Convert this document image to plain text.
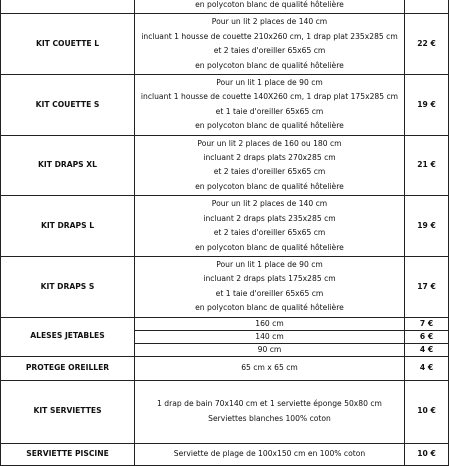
	en polycoton blanc de qualité hôtelière	

KIT COUETTE L	Pour un lit 2 places de 140 cm
incluant 1 housse de couette 210x260 cm, 1 drap plat 235x285 cm
et 2 taies d'oreiller 65x65 cm
en polycoton blanc de qualité hôtelière	22 €
KIT COUETTE S	Pour un lit 1 place de 90 cm
incluant 1 housse de couette 140X260 cm, 1 drap plat 175x285 cm
et 1 taie d'oreiller 65x65 cm
en polycoton blanc de qualité hôtelière	19 €
KIT DRAPS XL	Pour un lit 2 places de 160 ou 180 cm
incluant 2 draps plats 270x285 cm
et 2 taies d'oreiller 65x65 cm
en polycoton blanc de qualité hôtelière	21 €
KIT DRAPS L	Pour un lit 2 places de 140 cm
incluant 2 draps plats 235x285 cm
et 2 taies d'oreiller 65x65 cm
en polycoton blanc de qualité hôtelière	19 €
KIT DRAPS S	Pour un lit 1 place de 90 cm
incluant 2 draps plats 175x285 cm
et 1 taie d'oreiller 65x65 cm
en polycoton blanc de qualité hôtelière	17 €
ALESES JETABLES	160 cm	7 €
	140 cm	6 €
	90 cm	4 €
PROTEGE OREILLER	65 cm x 65 cm	4 €
KIT SERVIETTES	1 drap de bain 70x140 cm et 1 serviette éponge 50x80 cm
Serviettes blanches 100% coton	10 €
SERVIETTE PISCINE	Serviette de plage de 100x150 cm en 100% coton	10 €
